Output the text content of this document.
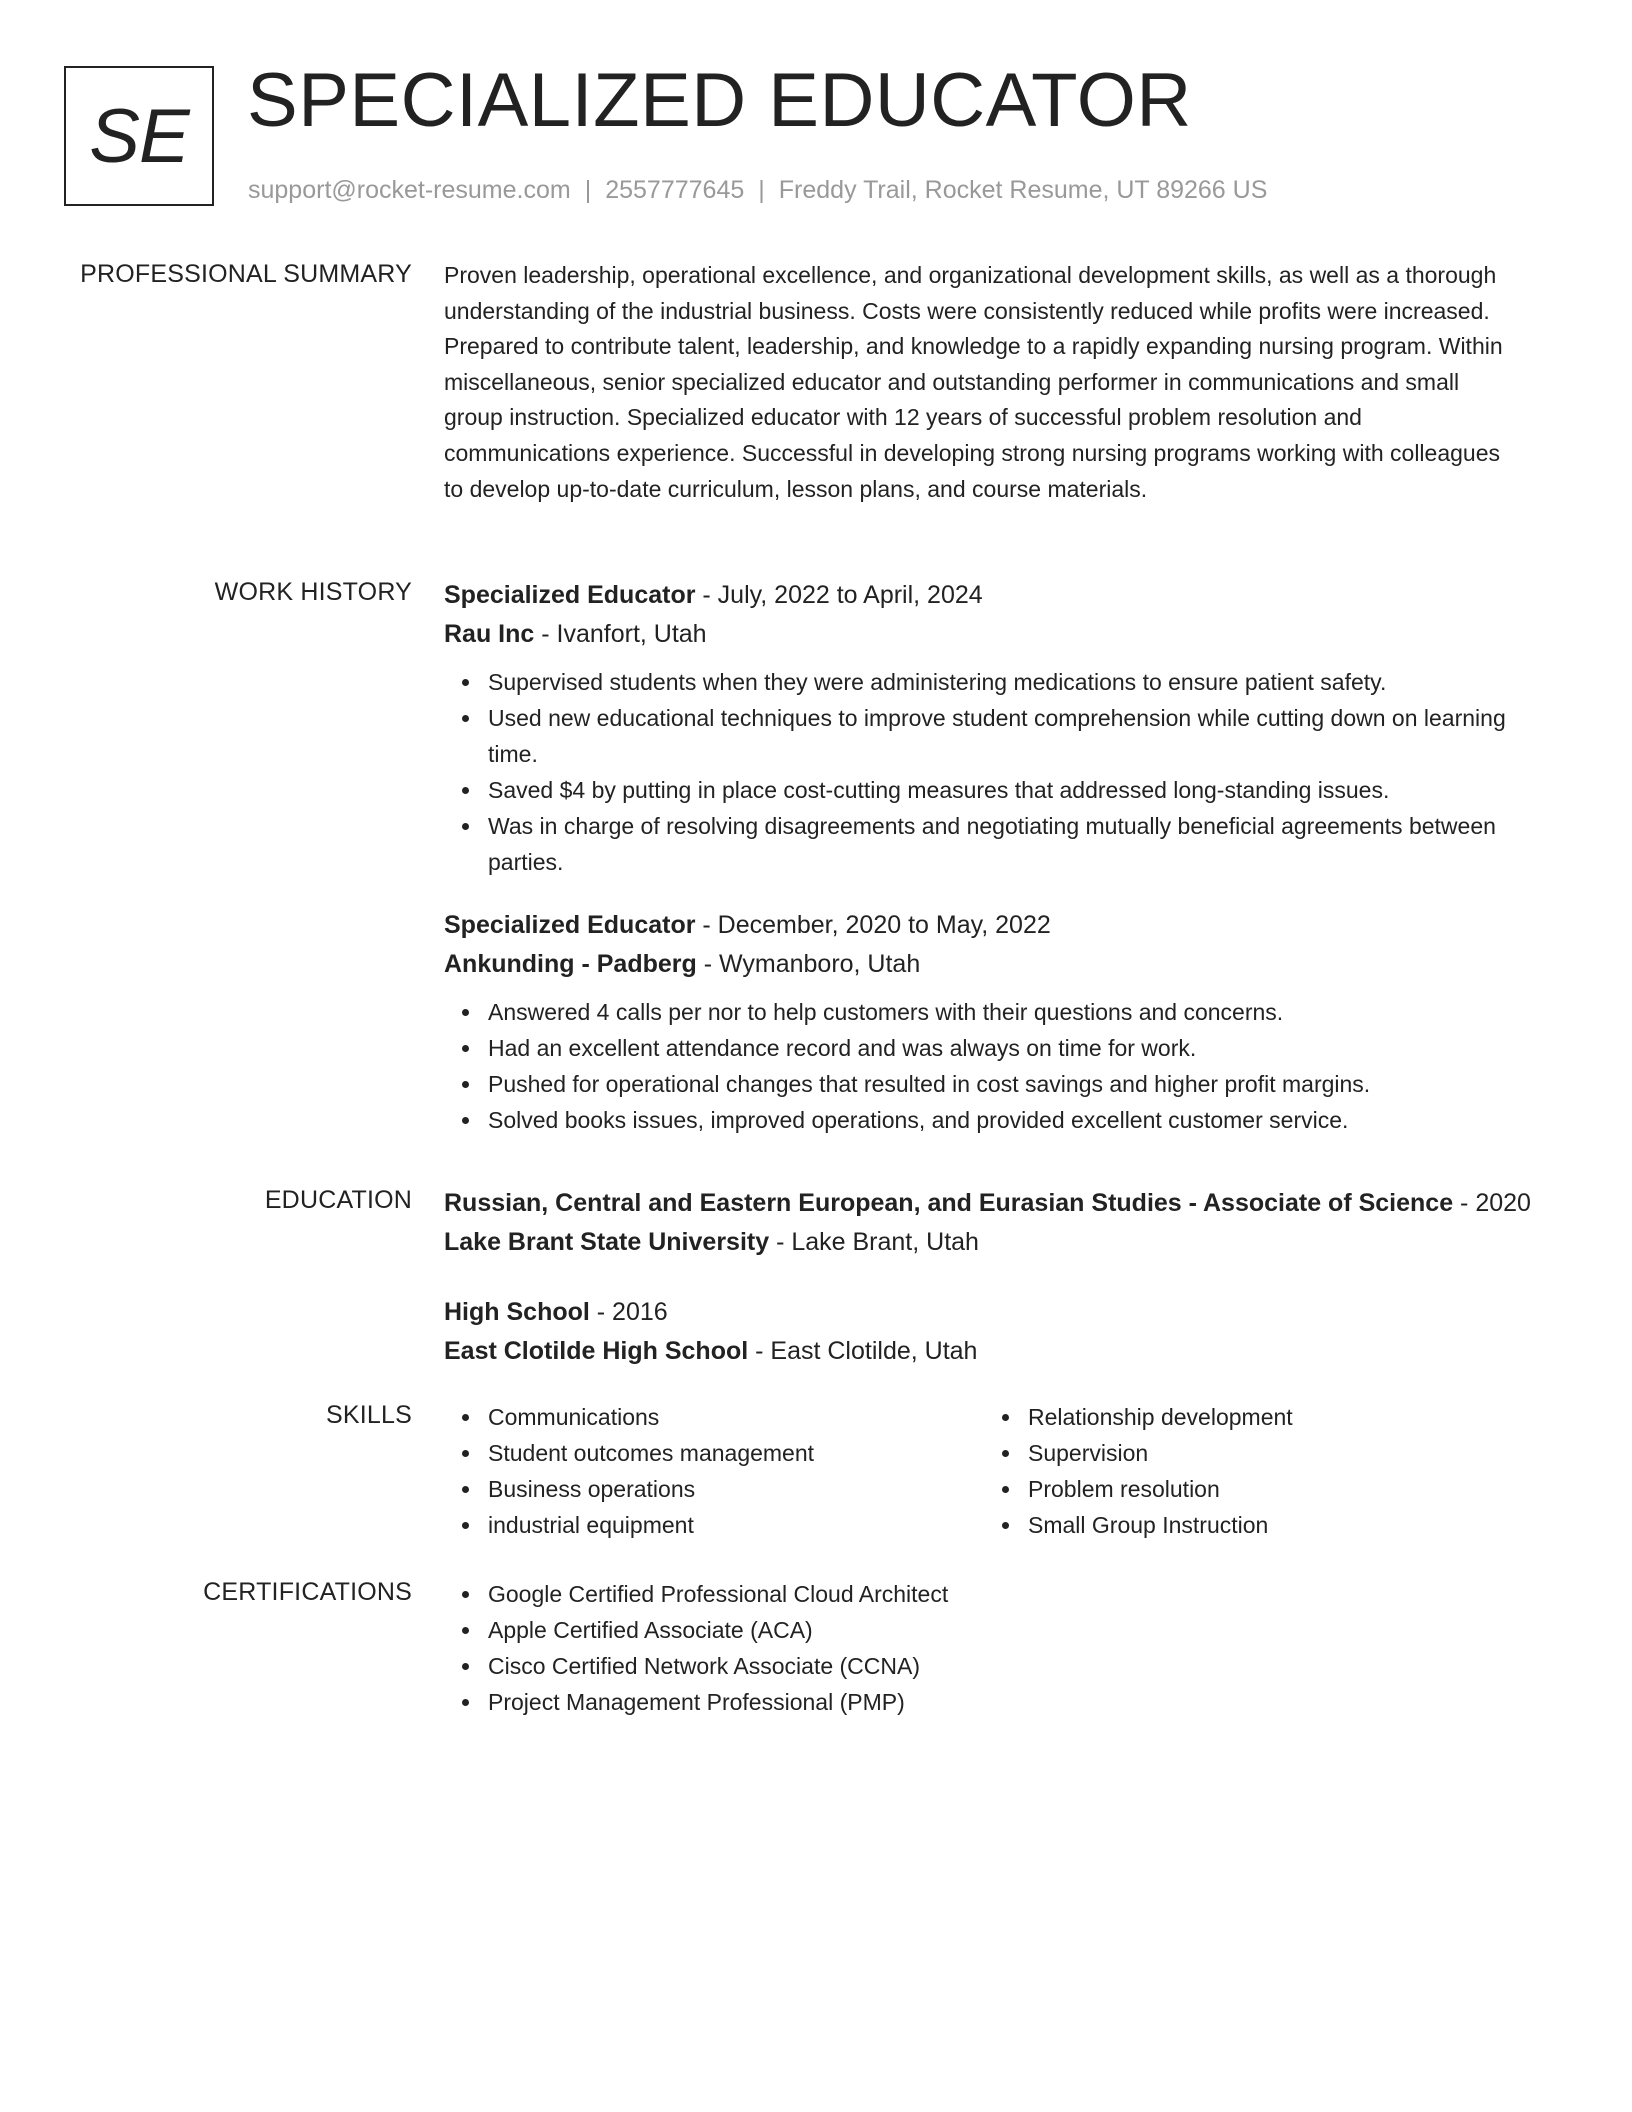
SE SPECIALIZED EDUCATOR
support@rocket-resume.com | 2557777645 | Freddy Trail, Rocket Resume, UT 89266 US
PROFESSIONAL SUMMARY Proven leadership, operational excellence, and organizational development skills, as well as a thorough understanding of the industrial business. Costs were consistently reduced while profits were increased. Prepared to contribute talent, leadership, and knowledge to a rapidly expanding nursing program. Within miscellaneous, senior specialized educator and outstanding performer in communications and small group instruction. Specialized educator with 12 years of successful problem resolution and communications experience. Successful in developing strong nursing programs working with colleagues to develop up-to-date curriculum, lesson plans, and course materials.

WORK HISTORY Specialized Educator - July, 2022 to April, 2024
Rau Inc - Ivanfort, Utah
Supervised students when they were administering medications to ensure patient safety.
Used new educational techniques to improve student comprehension while cutting down on learning time.
Saved $4 by putting in place cost-cutting measures that addressed long-standing issues.
Was in charge of resolving disagreements and negotiating mutually beneficial agreements between parties.
Specialized Educator - December, 2020 to May, 2022
Ankunding - Padberg - Wymanboro, Utah
Answered 4 calls per nor to help customers with their questions and concerns.
Had an excellent attendance record and was always on time for work.
Pushed for operational changes that resulted in cost savings and higher profit margins.
Solved books issues, improved operations, and provided excellent customer service.
EDUCATION Russian, Central and Eastern European, and Eurasian Studies - Associate of Science - 2020
Lake Brant State University - Lake Brant, Utah
High School - 2016
East Clotilde High School - East Clotilde, Utah
SKILLS	Communications
Student outcomes management
Business operations
industrial equipment
Relationship development
Supervision
Problem resolution
Small Group Instruction
CERTIFICATIONS	Google Certified Professional Cloud Architect
Apple Certified Associate (ACA)
Cisco Certified Network Associate (CCNA)
Project Management Professional (PMP)
